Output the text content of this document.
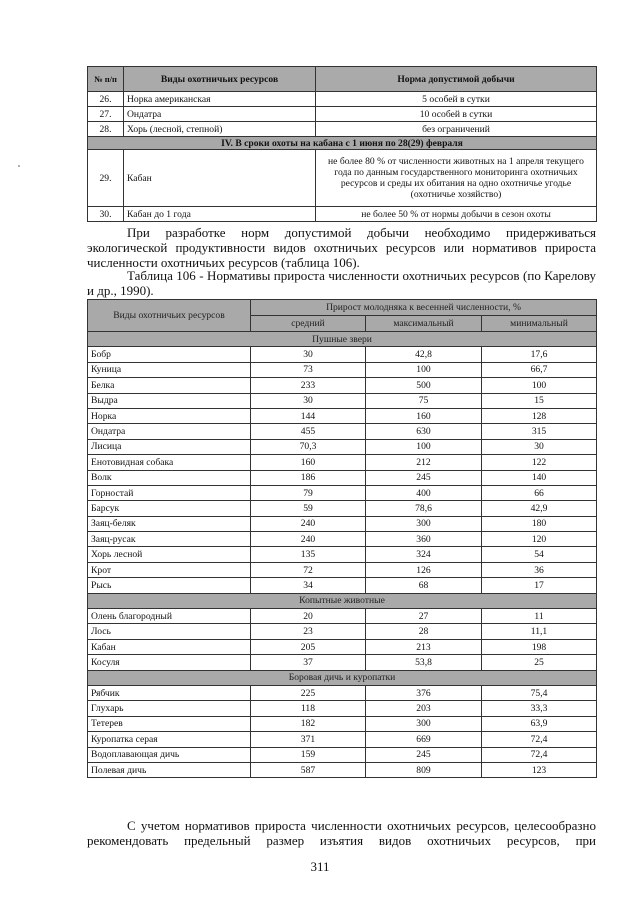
№ п/п	Виды охотничьих ресурсов	Норма допустимой добычи
26.	Норка американская	5 особей в сутки
27.	Ондатра	10 особей в сутки
28.	Хорь (лесной, степной)	без ограничений
IV. В сроки охоты на кабана с 1 июня по 28(29) февраля		
29.	Кабан	не более 80 % от численности животных на 1 апреля текущего года по данным государственного мониторинга охотничьих ресурсов и среды их обитания на одно охотничье угодье (охотничье хозяйство)
30.	Кабан до 1 года	не более 50 % от нормы добычи в сезон охоты
При разработке норм допустимой добычи необходимо придерживаться экологической продуктивности видов охотничьих ресурсов или нормативов прироста численности охотничьих ресурсов (таблица 106).
Таблица 106 - Нормативы прироста численности охотничьих ресурсов (по Карелову и др., 1990).
Виды охотничьих ресурсов	Прирост молодняка к весенней численности, %		
	средний	максимальный	минимальный
Пушные звери			
Бобр	30	42,8	17,6
Куница	73	100	66,7
Белка	233	500	100
Выдра	30	75	15
Норка	144	160	128
Ондатра	455	630	315
Лисица	70,3	100	30
Енотовидная собака	160	212	122
Волк	186	245	140
Горностай	79	400	66
Барсук	59	78,6	42,9
Заяц-беляк	240	300	180
Заяц-русак	240	360	120
Хорь лесной	135	324	54
Крот	72	126	36
Рысь	34	68	17
Копытные животные			
Олень благородный	20	27	11
Лось	23	28	11,1
Кабан	205	213	198
Косуля	37	53,8	25
Боровая дичь и куропатки			
Рябчик	225	376	75,4
Глухарь	118	203	33,3
Тетерев	182	300	63,9
Куропатка серая	371	669	72,4
Водоплавающая дичь	159	245	72,4
Полевая дичь	587	809	123
С учетом нормативов прироста численности охотничьих ресурсов, целесообразно рекомендовать предельный размер изъятия видов охотничьих ресурсов, при
311
